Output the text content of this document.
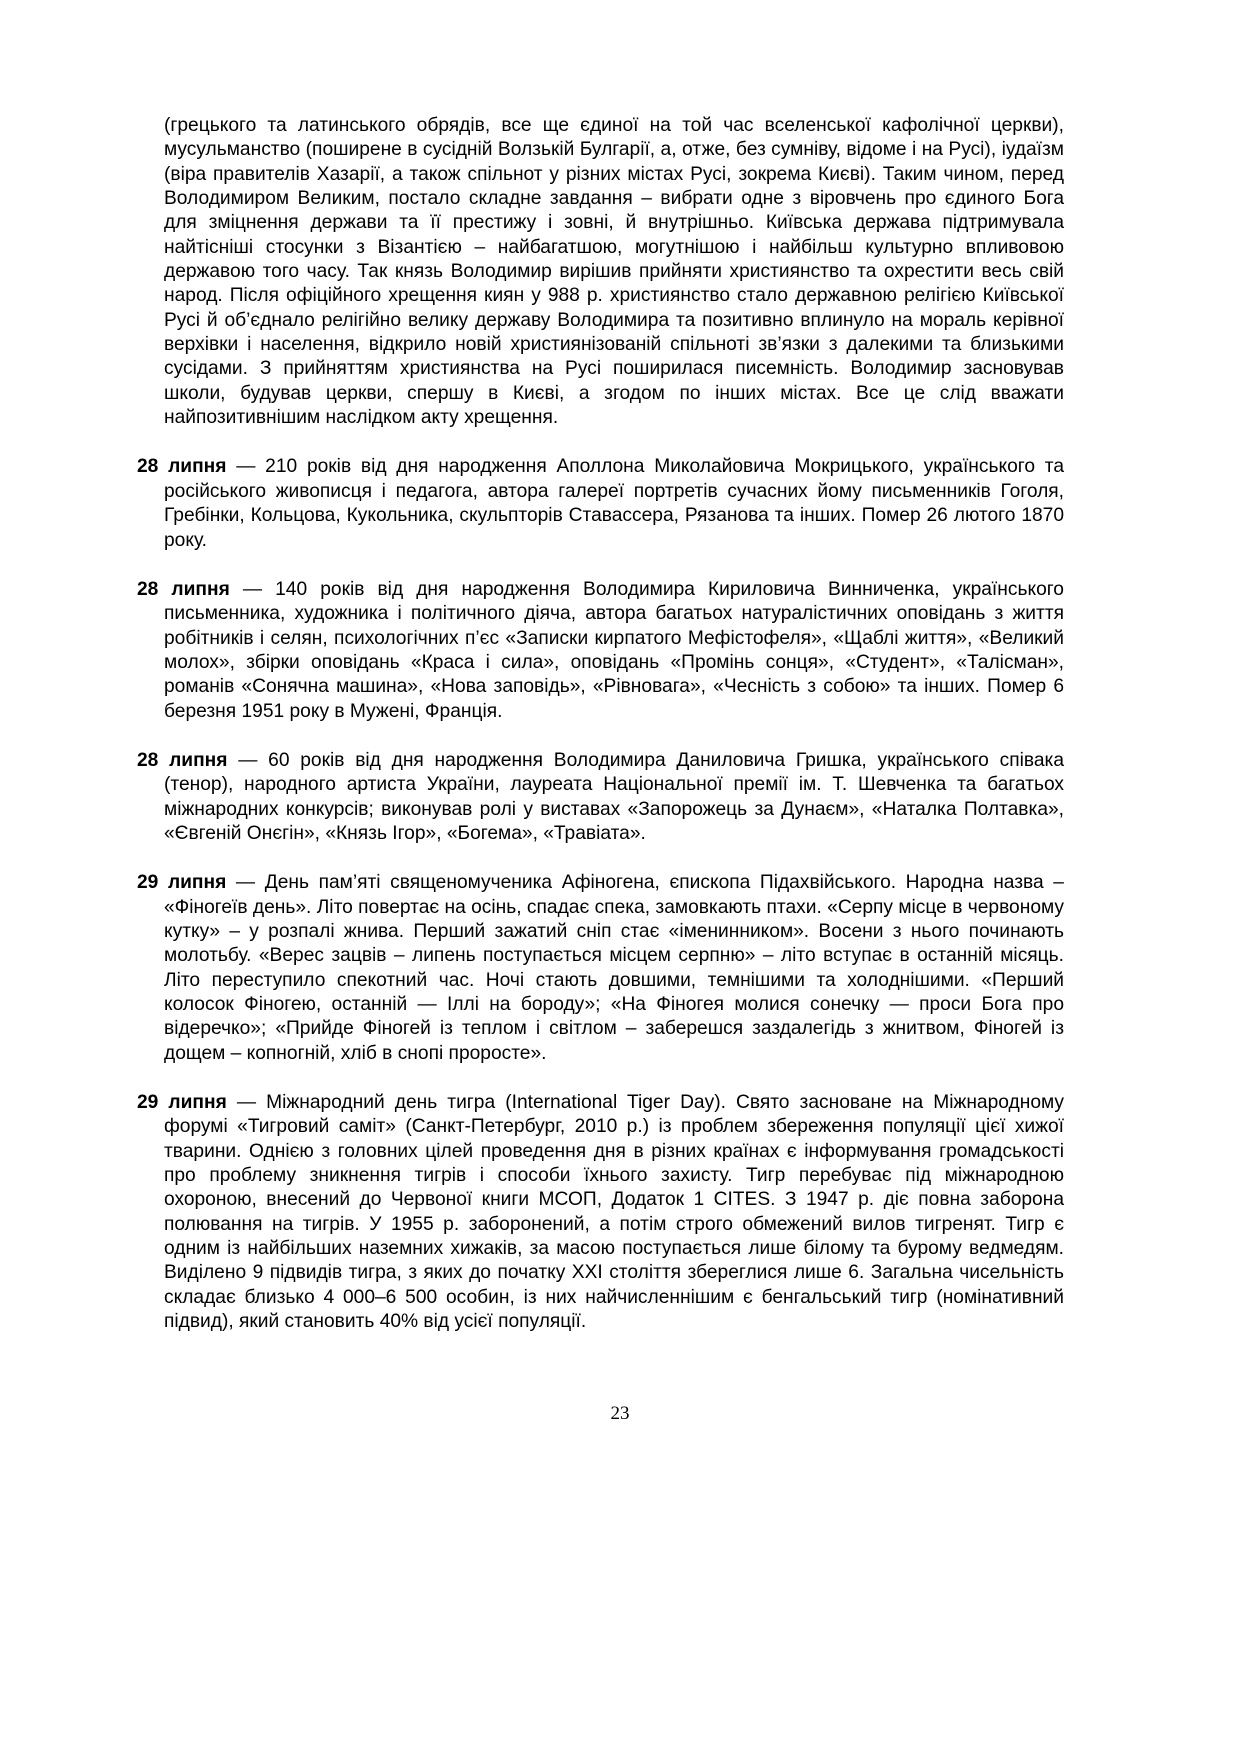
(грецького та латинського обрядів, все ще єдиної на той час вселенської кафолічної церкви), мусульманство (поширене в сусідній Волзькій Булгарії, а, отже, без сумніву, відоме і на Русі), іудаїзм (віра правителів Хазарії, а також спільнот у різних містах Русі, зокрема Києві). Таким чином, перед Володимиром Великим, постало складне завдання – вибрати одне з віровчень про єдиного Бога для зміцнення держави та її престижу і зовні, й внутрішньо. Київська держава підтримувала найтісніші стосунки з Візантією – найбагатшою, могутнішою і найбільш культурно впливовою державою того часу. Так князь Володимир вирішив прийняти християнство та охрестити весь свій народ. Після офіційного хрещення киян у 988 р. християнство стало державною релігією Київської Русі й об’єднало релігійно велику державу Володимира та позитивно вплинуло на мораль керівної верхівки і населення, відкрило новій християнізованій спільноті зв’язки з далекими та близькими сусідами. З прийняттям християнства на Русі поширилася писемність. Володимир засновував школи, будував церкви, спершу в Києві, а згодом по інших містах. Все це слід вважати найпозитивнішим наслідком акту хрещення.

28 липня — 210 років від дня народження Аполлона Миколайовича Мокрицького, українського та російського живописця і педагога, автора галереї портретів сучасних йому письменників Гоголя, Гребінки, Кольцова, Кукольника, скульпторів Ставассера, Рязанова та інших. Помер 26 лютого 1870 року.

28 липня — 140 років від дня народження Володимира Кириловича Винниченка, українського письменника, художника і політичного діяча, автора багатьох натуралістичних оповідань з життя робітників і селян, психологічних п’єс «Записки кирпатого Мефістофеля», «Щаблі життя», «Великий молох», збірки оповідань «Краса і сила», оповідань «Промінь сонця», «Студент», «Талісман», романів «Сонячна машина», «Нова заповідь», «Рівновага», «Чесність з собою» та інших. Помер 6 березня 1951 року в Мужені, Франція.

28 липня — 60 років від дня народження Володимира Даниловича Гришка, українського співака (тенор), народного артиста України, лауреата Національної премії ім. Т. Шевченка та багатьох міжнародних конкурсів; виконував ролі у виставах «Запорожець за Дунаєм», «Наталка Полтавка», «Євгеній Онєгін», «Князь Ігор», «Богема», «Травіата».

29 липня — День пам’яті священомученика Афіногена, єпископа Підахвійського. Народна назва – «Фіногеїв день». Літо повертає на осінь, спадає спека, замовкають птахи. «Серпу місце в червоному кутку» – у розпалі жнива. Перший зажатий сніп стає «іменинником». Восени з нього починають молотьбу. «Верес зацвів – липень поступається місцем серпню» – літо вступає в останній місяць. Літо переступило спекотний час. Ночі стають довшими, темнішими та холоднішими. «Перший колосок Фіногею, останній — Іллі на бороду»; «На Фіногея молися сонечку — проси Бога про відеречко»; «Прийде Фіногей із теплом і світлом – заберешся заздалегідь з жнитвом, Фіногей із дощем – копногній, хліб в снопі проросте».

29 липня — Міжнародний день тигра (International Tiger Day). Свято засноване на Міжнародному форумі «Тигровий саміт» (Санкт-Петербург, 2010 р.) із проблем збереження популяції цієї хижої тварини. Однією з головних цілей проведення дня в різних країнах є інформування громадськості про проблему зникнення тигрів і способи їхнього захисту. Тигр перебуває під міжнародною охороною, внесений до Червоної книги МСОП, Додаток 1 CITES. З 1947 р. діє повна заборона полювання на тигрів. У 1955 р. заборонений, а потім строго обмежений вилов тигренят. Тигр є одним із найбільших наземних хижаків, за масою поступається лише білому та бурому ведмедям. Виділено 9 підвидів тигра, з яких до початку XXI століття збереглися лише 6. Загальна чисельність складає близько 4 000–6 500 особин, із них найчисленнішим є бенгальський тигр (номінативний підвид), який становить 40% від усієї популяції.

23
